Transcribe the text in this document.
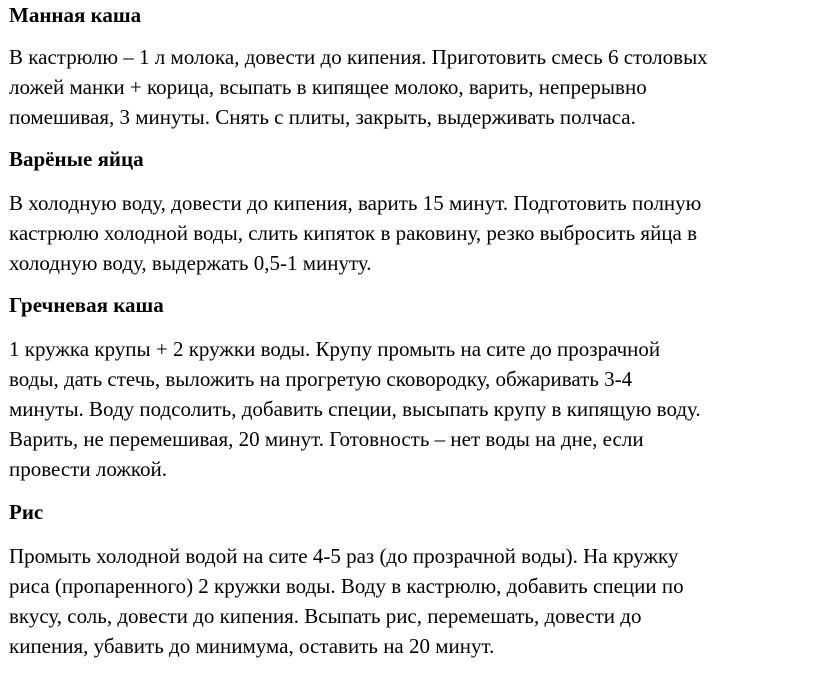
Манная каша

В кастрюлю – 1 л молока, довести до кипения. Приготовить смесь 6 столовых
ложей манки + корица, всыпать в кипящее молоко, варить, непрерывно
помешивая, 3 минуты. Снять с плиты, закрыть, выдерживать полчаса.

Варёные яйца

В холодную воду, довести до кипения, варить 15 минут. Подготовить полную
кастрюлю холодной воды, слить кипяток в раковину, резко выбросить яйца в
холодную воду, выдержать 0,5-1 минуту.

Гречневая каша

1 кружка крупы + 2 кружки воды. Крупу промыть на сите до прозрачной
воды, дать стечь, выложить на прогретую сковородку, обжаривать 3-4
минуты. Воду подсолить, добавить специи, высыпать крупу в кипящую воду.
Варить, не перемешивая, 20 минут. Готовность – нет воды на дне, если
провести ложкой.

Рис

Промыть холодной водой на сите 4-5 раз (до прозрачной воды). На кружку
риса (пропаренного) 2 кружки воды. Воду в кастрюлю, добавить специи по
вкусу, соль, довести до кипения. Всыпать рис, перемешать, довести до
кипения, убавить до минимума, оставить на 20 минут.
